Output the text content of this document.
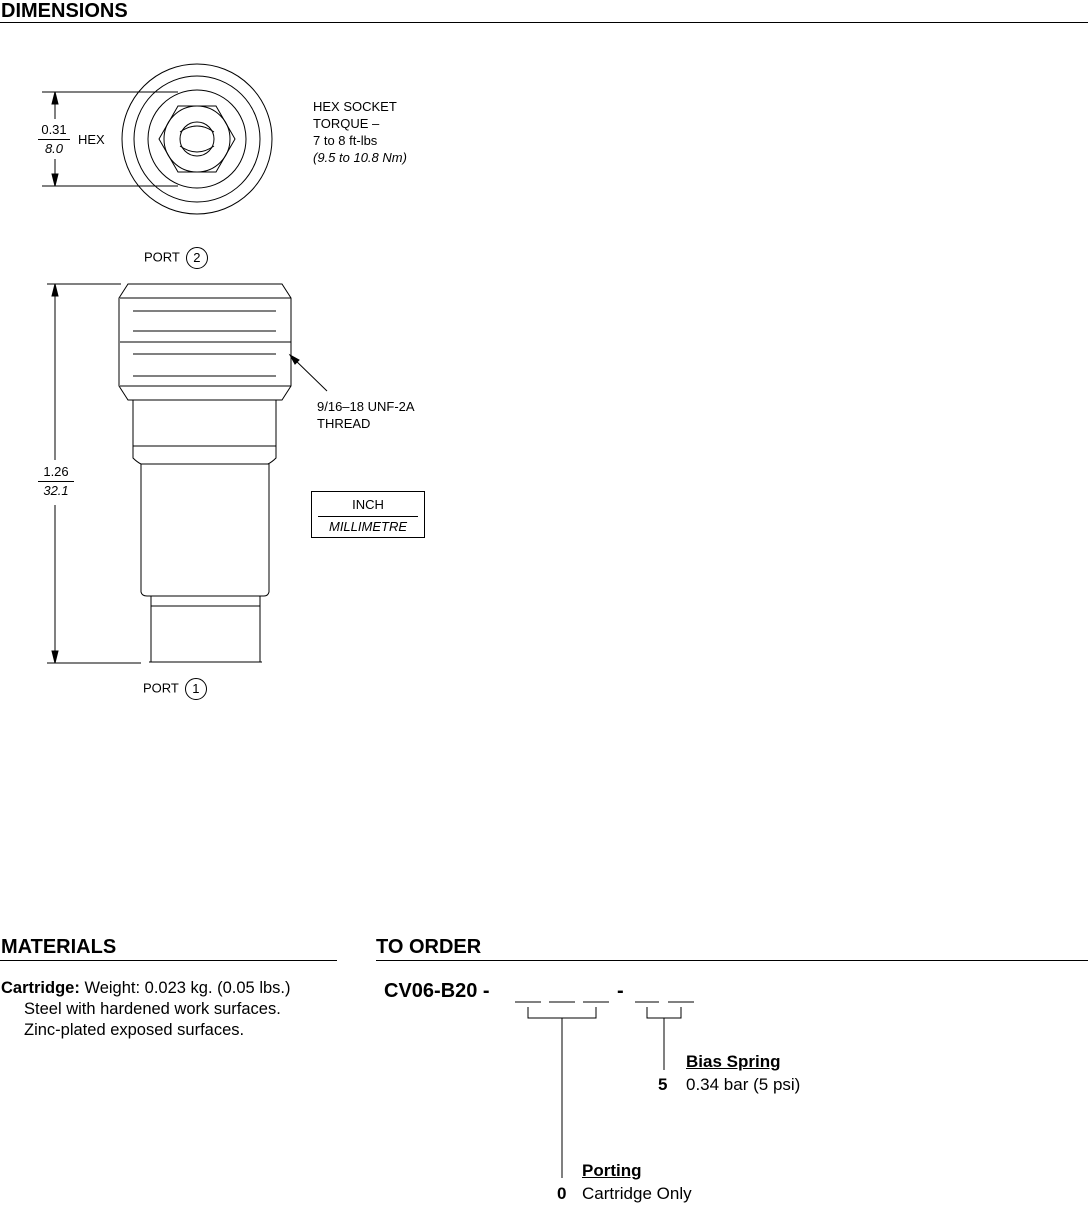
DIMENSIONS
$\frac{0.31}{8.0}$ HEX
HEX SOCKET
TORQUE –
7 to 8 ft-lbs
(9.5 to 10.8 Nm)
PORT 2
9/16–18 UNF-2A
THREAD
$\frac{1.26}{32.1}$
INCH
MILLIMETRE
PORT 1
MATERIALS
Cartridge: Weight: 0.023 kg. (0.05 lbs.)
Steel with hardened work surfaces.
Zinc-plated exposed surfaces.
TO ORDER
CV06-B20 -	-
Bias Spring
5 0.34 bar (5 psi)
Porting
0 Cartridge Only
